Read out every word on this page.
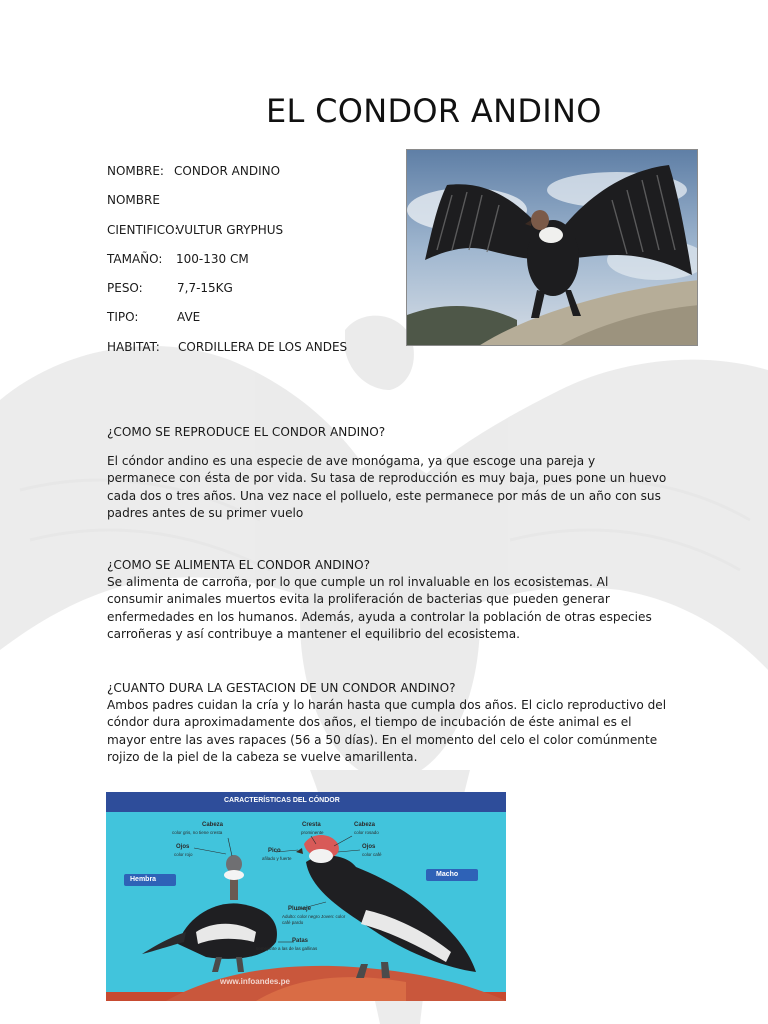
EL CONDOR ANDINO
NOMBRE: CONDOR ANDINO
NOMBRE
CIENTIFICO:
VULTUR GRYPHUS
TAMAÑO: 100-130 CM
PESO:	7,7-15KG
TIPO:	AVE
HABITAT: CORDILLERA DE LOS ANDES

¿COMO SE REPRODUCE EL CONDOR ANDINO?

El cóndor andino es una especie de ave monógama, ya que escoge una pareja y permanece con ésta de por vida. Su tasa de reproducción es muy baja, pues pone un huevo cada dos o tres años. Una vez nace el polluelo, este permanece por más de un año con sus padres antes de su primer vuelo

¿COMO SE ALIMENTA EL CONDOR ANDINO?

Se alimenta de carroña, por lo que cumple un rol invaluable en los ecosistemas. Al consumir animales muertos evita la proliferación de bacterias que pueden generar enfermedades en los humanos. Además, ayuda a controlar la población de otras especies carroñeras y así contribuye a mantener el equilibrio del ecosistema.

¿CUANTO DURA LA GESTACION DE UN CONDOR ANDINO?

Ambos padres cuidan la cría y lo harán hasta que cumpla dos años. El ciclo reproductivo del cóndor dura aproximadamente dos años, el tiempo de incubación de éste animal es el mayor entre las aves rapaces (56 a 50 días). En el momento del celo el color comúnmente rojizo de la piel de la cabeza se vuelve amarillenta.

CARACTERÍSTICAS DEL CÓNDOR
Hembra
Macho
Cabeza
color gris, no tiene cresta
Ojos
color rojo
Cresta
prominente
Cabeza
color rosado
Ojos
color café
Pico
afilado y fuerte
Plumaje
Adulto: color negro Joven: color café pardo
Patas
semejante a las de las gallinas
www.infoandes.pe
